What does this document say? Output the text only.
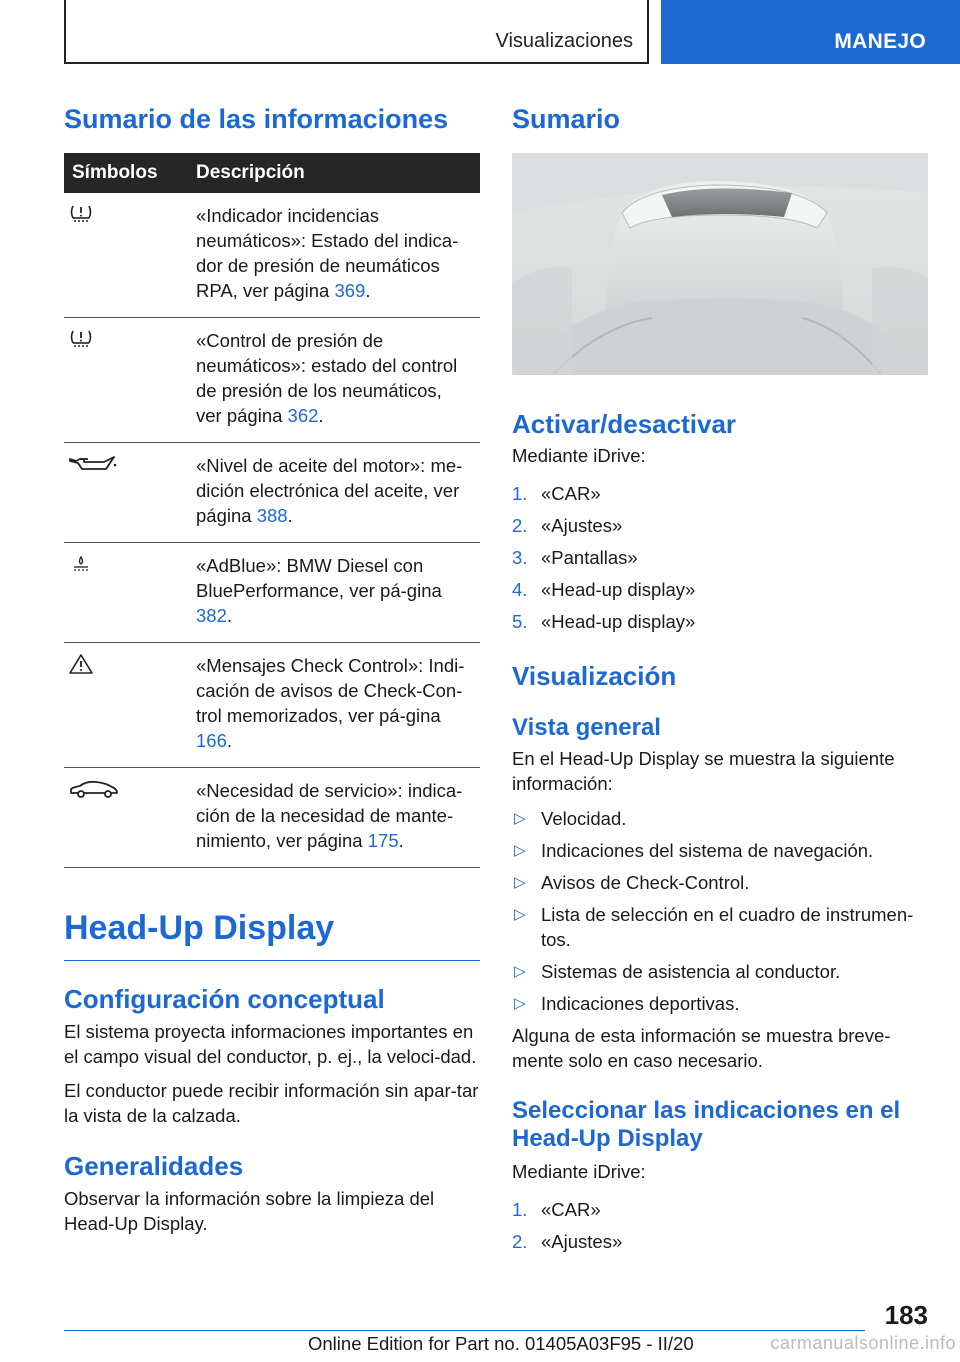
Visualizaciones	MANEJO
Sumario de las informaciones
Símbolos	Descripción
	«Indicador incidencias neumáticos»: Estado del indica-dor de presión de neumáticos RPA, ver página 369.
	«Control de presión de neumáticos»: estado del control de presión de los neumáticos, ver página 362.
	«Nivel de aceite del motor»: me-dición electrónica del aceite, ver página 388.
	«AdBlue»: BMW Diesel con BluePerformance, ver pá-gina 382.
	«Mensajes Check Control»: Indi-cación de avisos de Check-Con-trol memorizados, ver pá-gina 166.
	«Necesidad de servicio»: indica-ción de la necesidad de mante-nimiento, ver página 175.
Head-Up Display
Configuración conceptual

El sistema proyecta informaciones importantes en el campo visual del conductor, p. ej., la veloci-dad.

El conductor puede recibir información sin apar-tar la vista de la calzada.

Generalidades

Observar la información sobre la limpieza del Head-Up Display.

Sumario
Activar/desactivar

Mediante iDrive:

1. «CAR»
2. «Ajustes»
3. «Pantallas»
4. «Head-up display»
5. «Head-up display»
Visualización
Vista general

En el Head-Up Display se muestra la siguiente información:

▷ Velocidad.
▷ Indicaciones del sistema de navegación.
▷ Avisos de Check-Control.
▷ Lista de selección en el cuadro de instrumen-tos.
▷ Sistemas de asistencia al conductor.
▷ Indicaciones deportivas.

Alguna de esta información se muestra breve-mente solo en caso necesario.

Seleccionar las indicaciones en el Head-Up Display

Mediante iDrive:

1. «CAR»
2. «Ajustes»
183
Online Edition for Part no. 01405A03F95 - II/20	carmanualsonline.info
